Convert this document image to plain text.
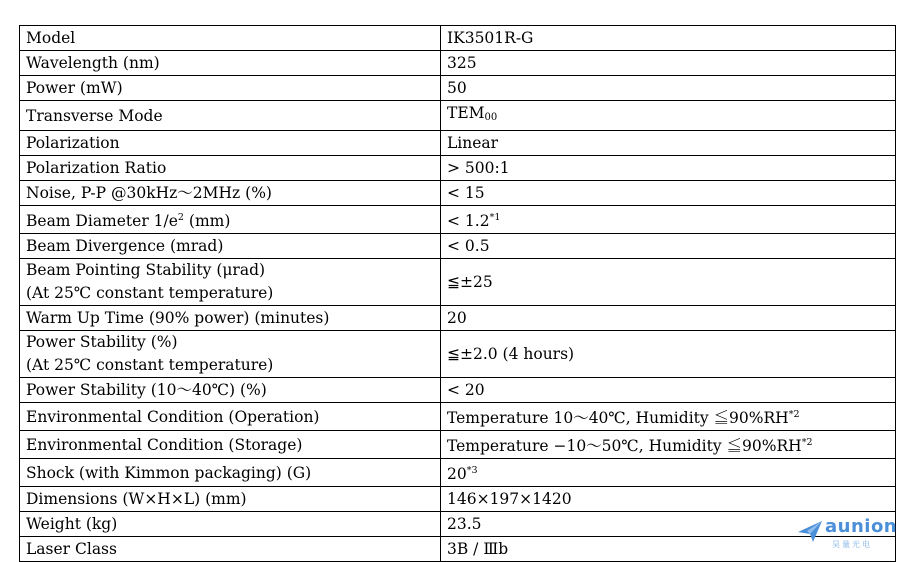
Model	IK3501R-G
Wavelength (nm)	325
Power (mW)	50
Transverse Mode	$TEM_{00}$
Polarization	Linear
Polarization Ratio	> 500:1
Noise, P-P @30kHz～2MHz (%)	< 15
Beam Diameter $1/e^2$ (mm)	< $1.2^{*1}$
Beam Divergence (mrad)	< 0.5

Beam Pointing Stability (μrad)
(At 25℃ constant temperature)	≦±25
Warm Up Time (90% power) (minutes)	20

Power Stability (%)
(At 25℃ constant temperature)	≦±2.0 (4 hours)
Power Stability (10～40℃) (%)	< 20
Environmental Condition (Operation)	Temperature 10～40℃, Humidity ≦90%RH$^{*2}$
Environmental Condition (Storage)	Temperature −10～50℃, Humidity ≦90%RH$^{*2}$
Shock (with Kimmon packaging) (G)	20$^{*3}$
Dimensions (W×H×L) (mm)	146×197×1420
Weight (kg)	23.5
Laser Class	3B / Ⅲb
aunion
昊量光电
